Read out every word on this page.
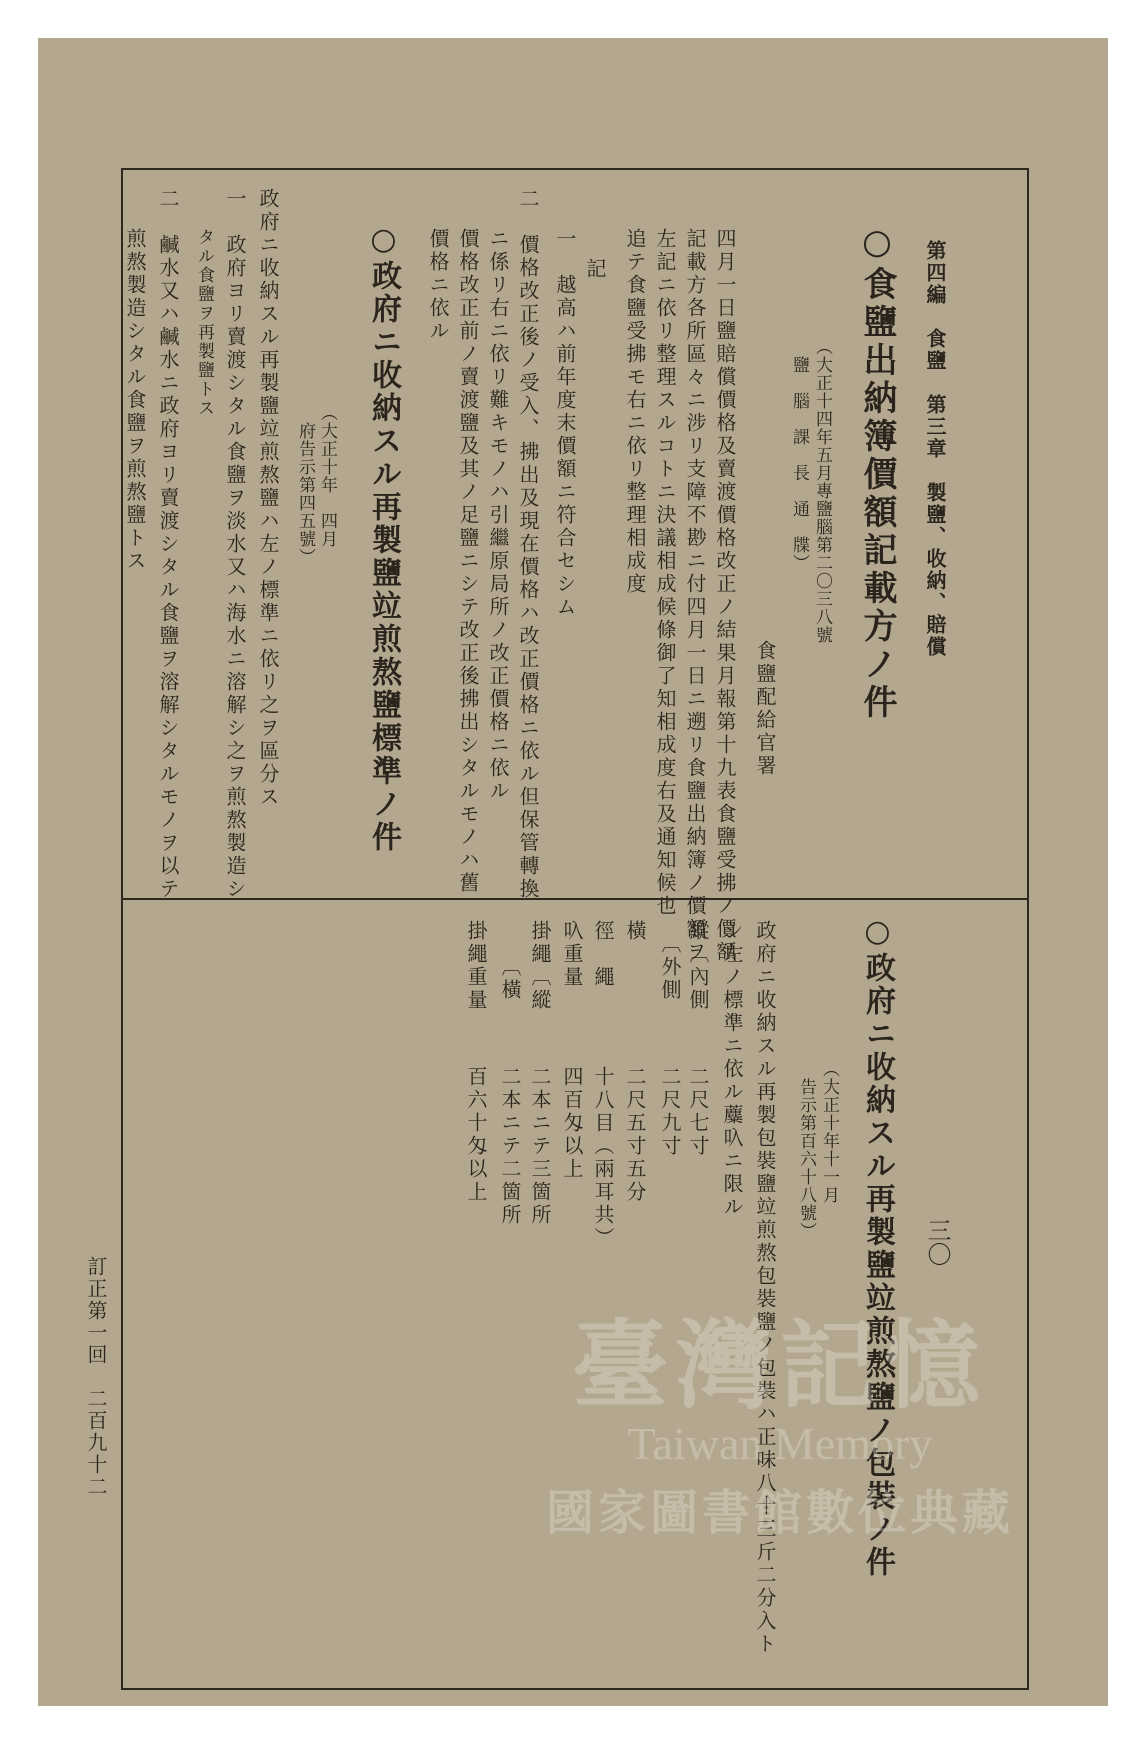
第四編　食鹽　第三章　製鹽、收納、賠償
三〇
○食鹽出納簿價額記載方ノ件
（大正十四年五月專鹽腦第二〇三八號
　鹽　腦　課　長　通　牒）
食鹽配給官署
四月一日鹽賠償價格及賣渡價格改正ノ結果月報第十九表食鹽受拂ノ價額
記載方各所區々ニ涉リ支障不尠ニ付四月一日ニ遡リ食鹽出納簿ノ價額ヲ
左記ニ依リ整理スルコトニ決議相成候條御了知相成度右及通知候也
追テ食鹽受拂モ右ニ依リ整理相成度
記
一　越高ハ前年度末價額ニ符合セシム
二　價格改正後ノ受入、拂出及現在價格ハ改正價格ニ依ル但保管轉換
ニ係リ右ニ依リ難キモノハ引繼原局所ノ改正價格ニ依ル
價格改正前ノ賣渡鹽及其ノ足鹽ニシテ改正後拂出シタルモノハ舊
價格ニ依ル
○政府ニ收納スル再製鹽竝煎熬鹽標準ノ件
（大正十年　四月
　府告示第四五號）
政府ニ收納スル再製鹽竝煎熬鹽ハ左ノ標準ニ依リ之ヲ區分ス
一　政府ヨリ賣渡シタル食鹽ヲ淡水又ハ海水ニ溶解シ之ヲ煎熬製造シ
タル食鹽ヲ再製鹽トス
二　鹹水又ハ鹹水ニ政府ヨリ賣渡シタル食鹽ヲ溶解シタルモノヲ以テ
煎熬製造シタル食鹽ヲ煎熬鹽トス
○政府ニ收納スル再製鹽竝煎熬鹽ノ包裝ノ件
（大正十年十一月
　告示第百六十八號）
政府ニ收納スル再製包裝鹽竝煎熬包裝鹽ノ包裝ハ正味八十三斤二分入ト
シ左ノ標準ニ依ル蘪叺ニ限ル
縱〔內側　　
二尺七寸
　〔外側　　
二尺九寸
橫　　　　　
二尺五寸五分
徑　繩　　　
十八目（兩耳共）
叺重量　　　
四百匁以上
掛繩〔縱　　
二本ニテ三箇所
　　〔橫　　
二本ニテ二箇所
掛繩重量　　
百六十匁以上
訂正第一回　二百九十二	臺灣記憶
Taiwan Memory
國家圖書館數位典藏
